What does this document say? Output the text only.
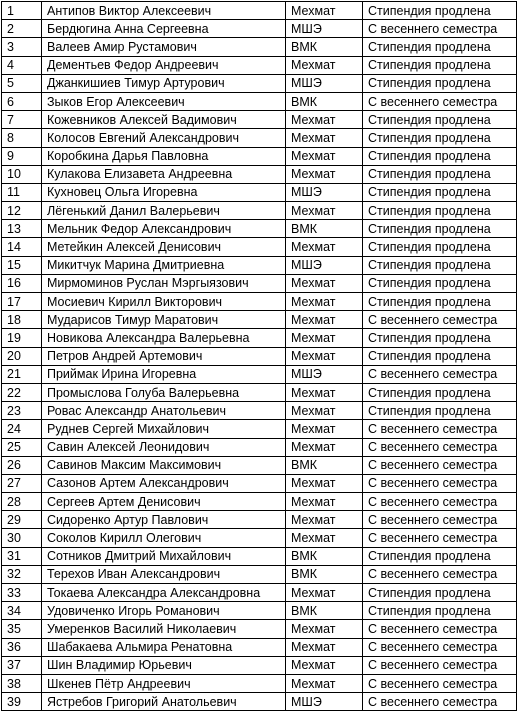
1	Антипов Виктор Алексеевич	Мехмат	Стипендия продлена
2	Бердюгина Анна Сергеевна	МШЭ	С весеннего семестра
3	Валеев Амир Рустамович	ВМК	Стипендия продлена
4	Дементьев Федор Андреевич	Мехмат	Стипендия продлена
5	Джанкишиев Тимур Артурович	МШЭ	Стипендия продлена
6	Зыков Егор Алексеевич	ВМК	С весеннего семестра
7	Кожевников Алексей Вадимович	Мехмат	Стипендия продлена
8	Колосов Евгений Александрович	Мехмат	Стипендия продлена
9	Коробкина Дарья Павловна	Мехмат	Стипендия продлена
10	Кулакова Елизавета Андреевна	Мехмат	Стипендия продлена
11	Кухновец Ольга Игоревна	МШЭ	Стипендия продлена
12	Лёгенький Данил Валерьевич	Мехмат	Стипендия продлена
13	Мельник Федор Александрович	ВМК	Стипендия продлена
14	Метейкин Алексей Денисович	Мехмат	Стипендия продлена
15	Микитчук Марина Дмитриевна	МШЭ	Стипендия продлена
16	Мирмоминов Руслан Мэргыязович	Мехмат	Стипендия продлена
17	Мосиевич Кирилл Викторович	Мехмат	Стипендия продлена
18	Мударисов Тимур Маратович	Мехмат	С весеннего семестра
19	Новикова Александра Валерьевна	Мехмат	Стипендия продлена
20	Петров Андрей Артемович	Мехмат	Стипендия продлена
21	Приймак Ирина Игоревна	МШЭ	С весеннего семестра
22	Промыслова Голуба Валерьевна	Мехмат	Стипендия продлена
23	Ровас Александр Анатольевич	Мехмат	Стипендия продлена
24	Руднев Сергей Михайлович	Мехмат	С весеннего семестра
25	Савин Алексей Леонидович	Мехмат	С весеннего семестра
26	Савинов Максим Максимович	ВМК	С весеннего семестра
27	Сазонов Артем Александрович	Мехмат	С весеннего семестра
28	Сергеев Артем Денисович	Мехмат	С весеннего семестра
29	Сидоренко Артур Павлович	Мехмат	С весеннего семестра
30	Соколов Кирилл Олегович	Мехмат	С весеннего семестра
31	Сотников Дмитрий Михайлович	ВМК	Стипендия продлена
32	Терехов Иван Александрович	ВМК	С весеннего семестра
33	Токаева Александра Александровна	Мехмат	Стипендия продлена
34	Удовиченко Игорь Романович	ВМК	Стипендия продлена
35	Умеренков Василий Николаевич	Мехмат	С весеннего семестра
36	Шабакаева Альмира Ренатовна	Мехмат	С весеннего семестра
37	Шин Владимир Юрьевич	Мехмат	С весеннего семестра
38	Шкенев Пётр Андреевич	Мехмат	С весеннего семестра
39	Ястребов Григорий Анатольевич	МШЭ	С весеннего семестра
